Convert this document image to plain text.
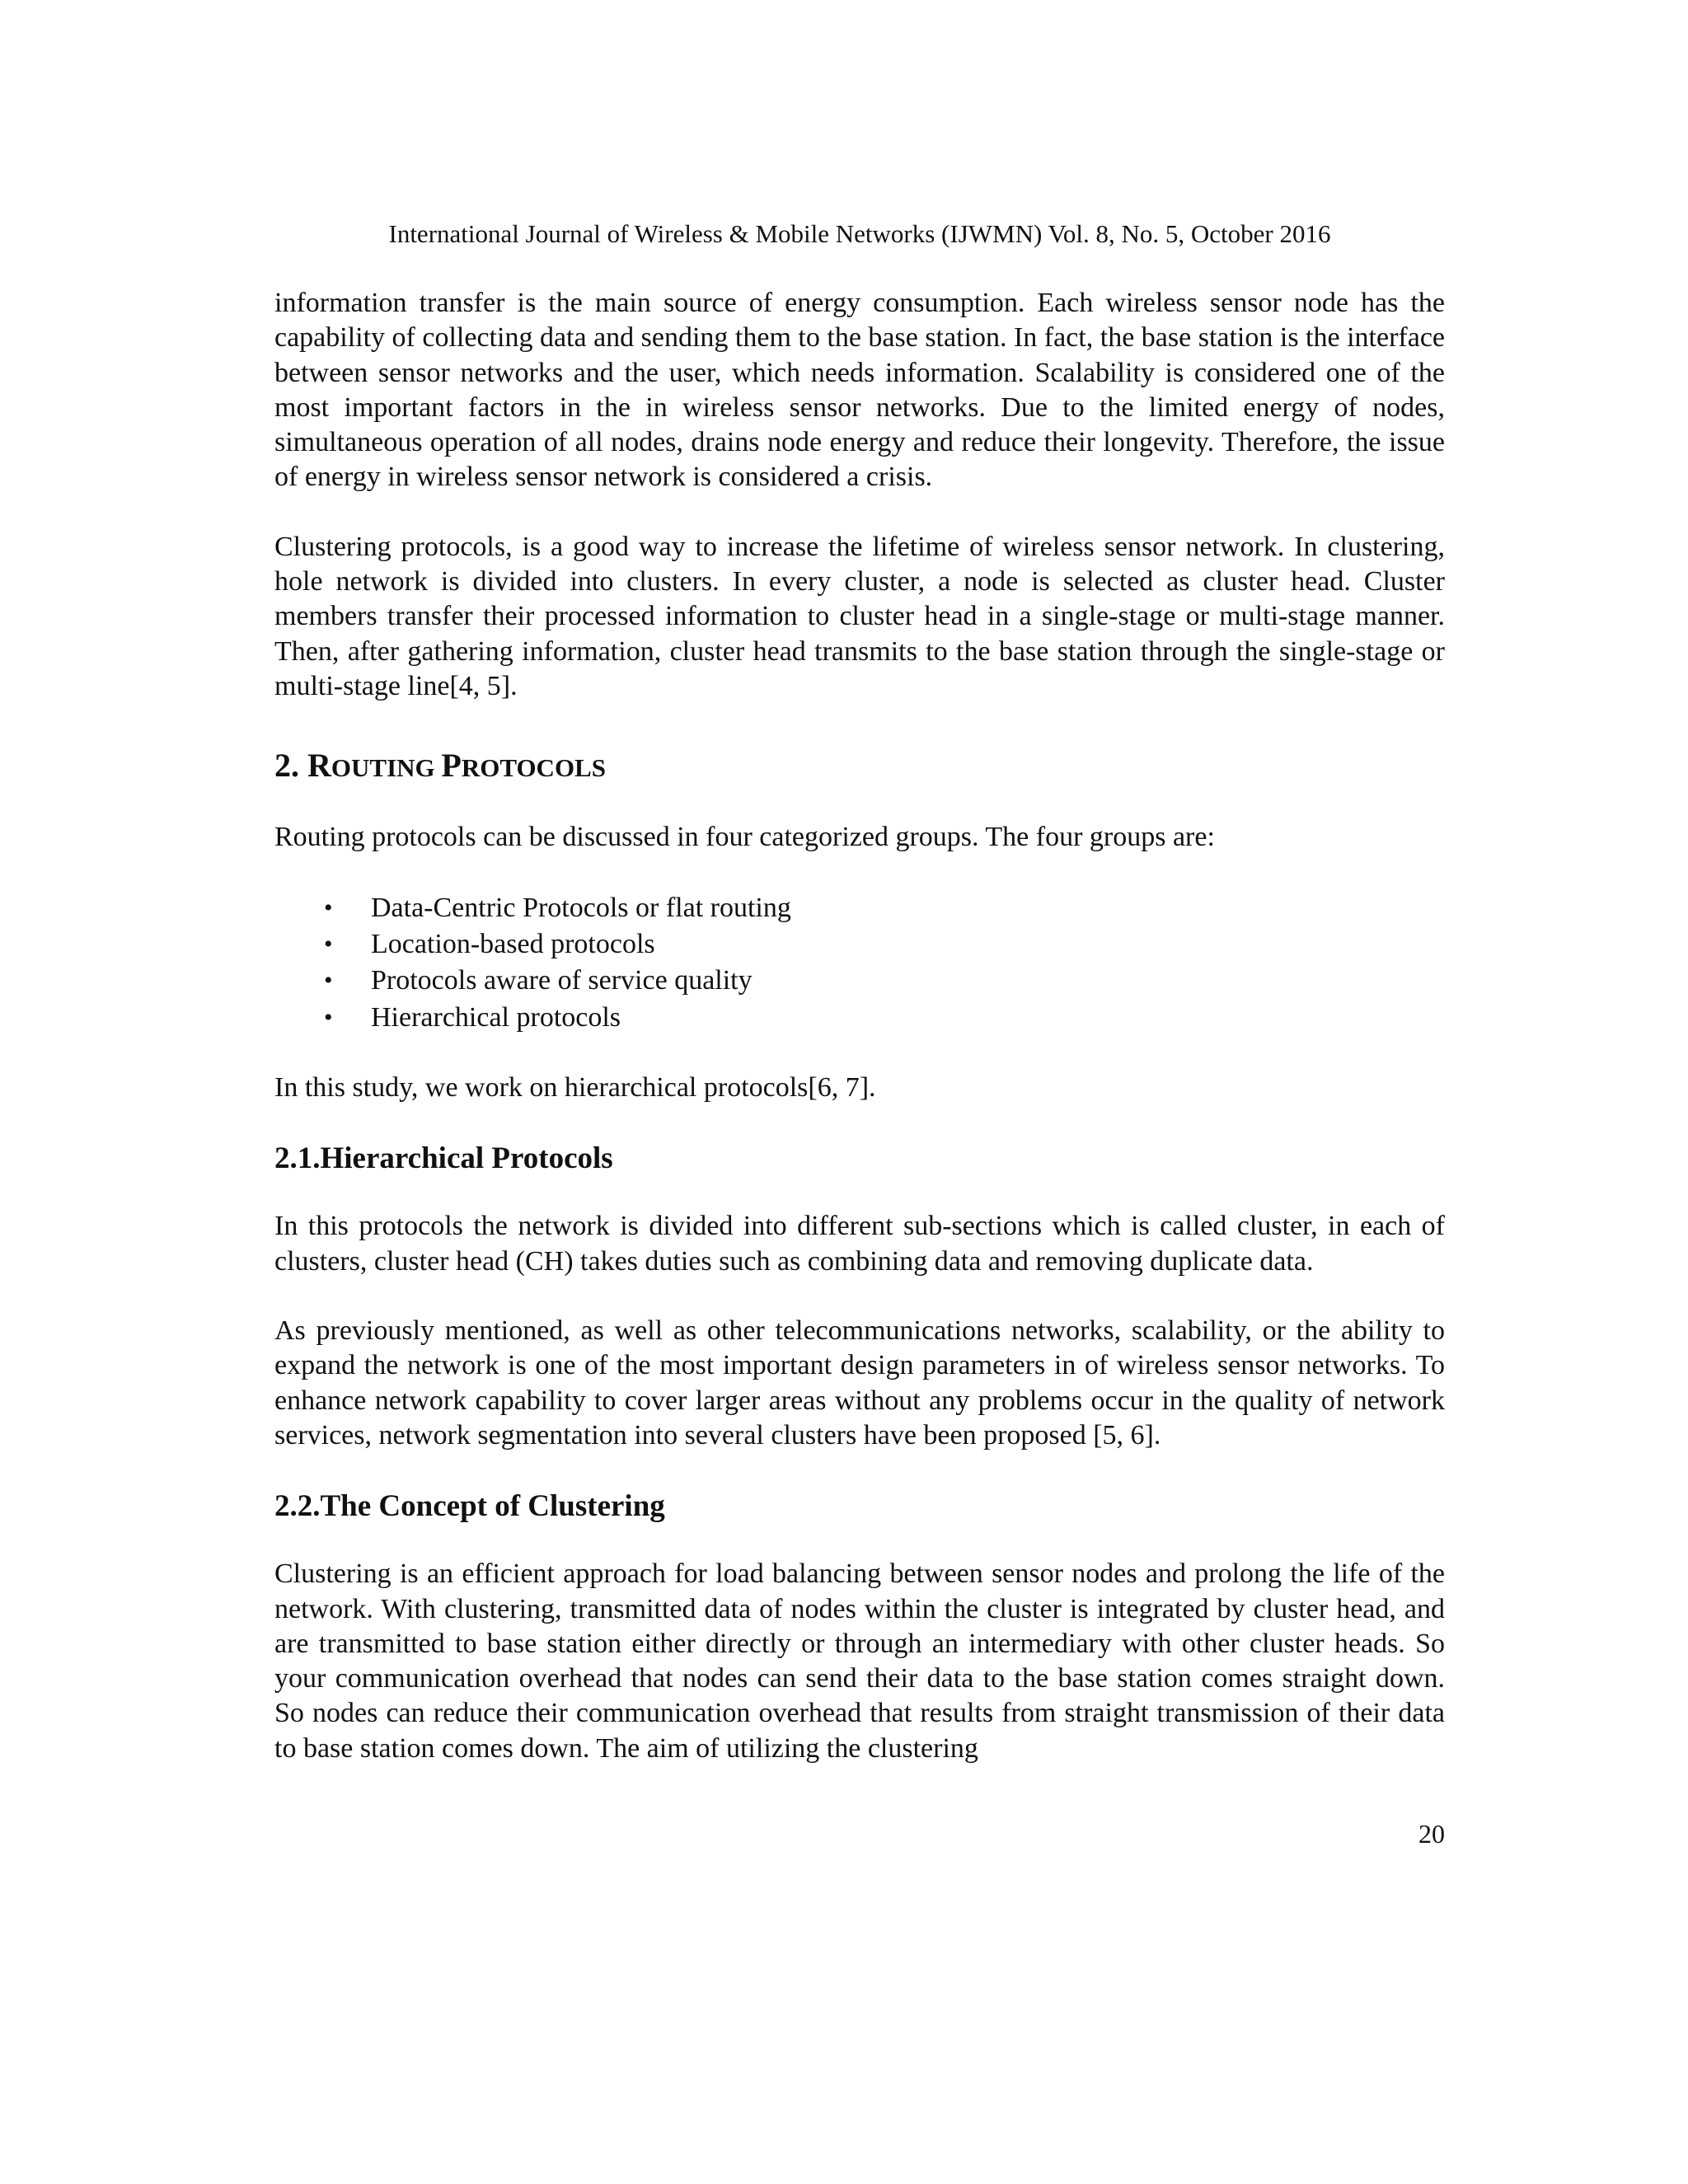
International Journal of Wireless & Mobile Networks (IJWMN) Vol. 8, No. 5, October 2016

information transfer is the main source of energy consumption. Each wireless sensor node has the capability of collecting data and sending them to the base station. In fact, the base station is the interface between sensor networks and the user, which needs information. Scalability is considered one of the most important factors in the in wireless sensor networks. Due to the limited energy of nodes, simultaneous operation of all nodes, drains node energy and reduce their longevity. Therefore, the issue of energy in wireless sensor network is considered a crisis.

Clustering protocols, is a good way to increase the lifetime of wireless sensor network. In clustering, hole network is divided into clusters. In every cluster, a node is selected as cluster head. Cluster members transfer their processed information to cluster head in a single-stage or multi-stage manner. Then, after gathering information, cluster head transmits to the base station through the single-stage or multi-stage line[4, 5].

2. ROUTING PROTOCOLS

Routing protocols can be discussed in four categorized groups. The four groups are:

• Data-Centric Protocols or flat routing
• Location-based protocols
• Protocols aware of service quality
• Hierarchical protocols

In this study, we work on hierarchical protocols[6, 7].

2.1.Hierarchical Protocols

In this protocols the network is divided into different sub-sections which is called cluster, in each of clusters, cluster head (CH) takes duties such as combining data and removing duplicate data.

As previously mentioned, as well as other telecommunications networks, scalability, or the ability to expand the network is one of the most important design parameters in of wireless sensor networks. To enhance network capability to cover larger areas without any problems occur in the quality of network services, network segmentation into several clusters have been proposed [5, 6].

2.2.The Concept of Clustering

Clustering is an efficient approach for load balancing between sensor nodes and prolong the life of the network. With clustering, transmitted data of nodes within the cluster is integrated by cluster head, and are transmitted to base station either directly or through an intermediary with other cluster heads. So your communication overhead that nodes can send their data to the base station comes straight down. So nodes can reduce their communication overhead that results from straight transmission of their data to base station comes down. The aim of utilizing the clustering

20
